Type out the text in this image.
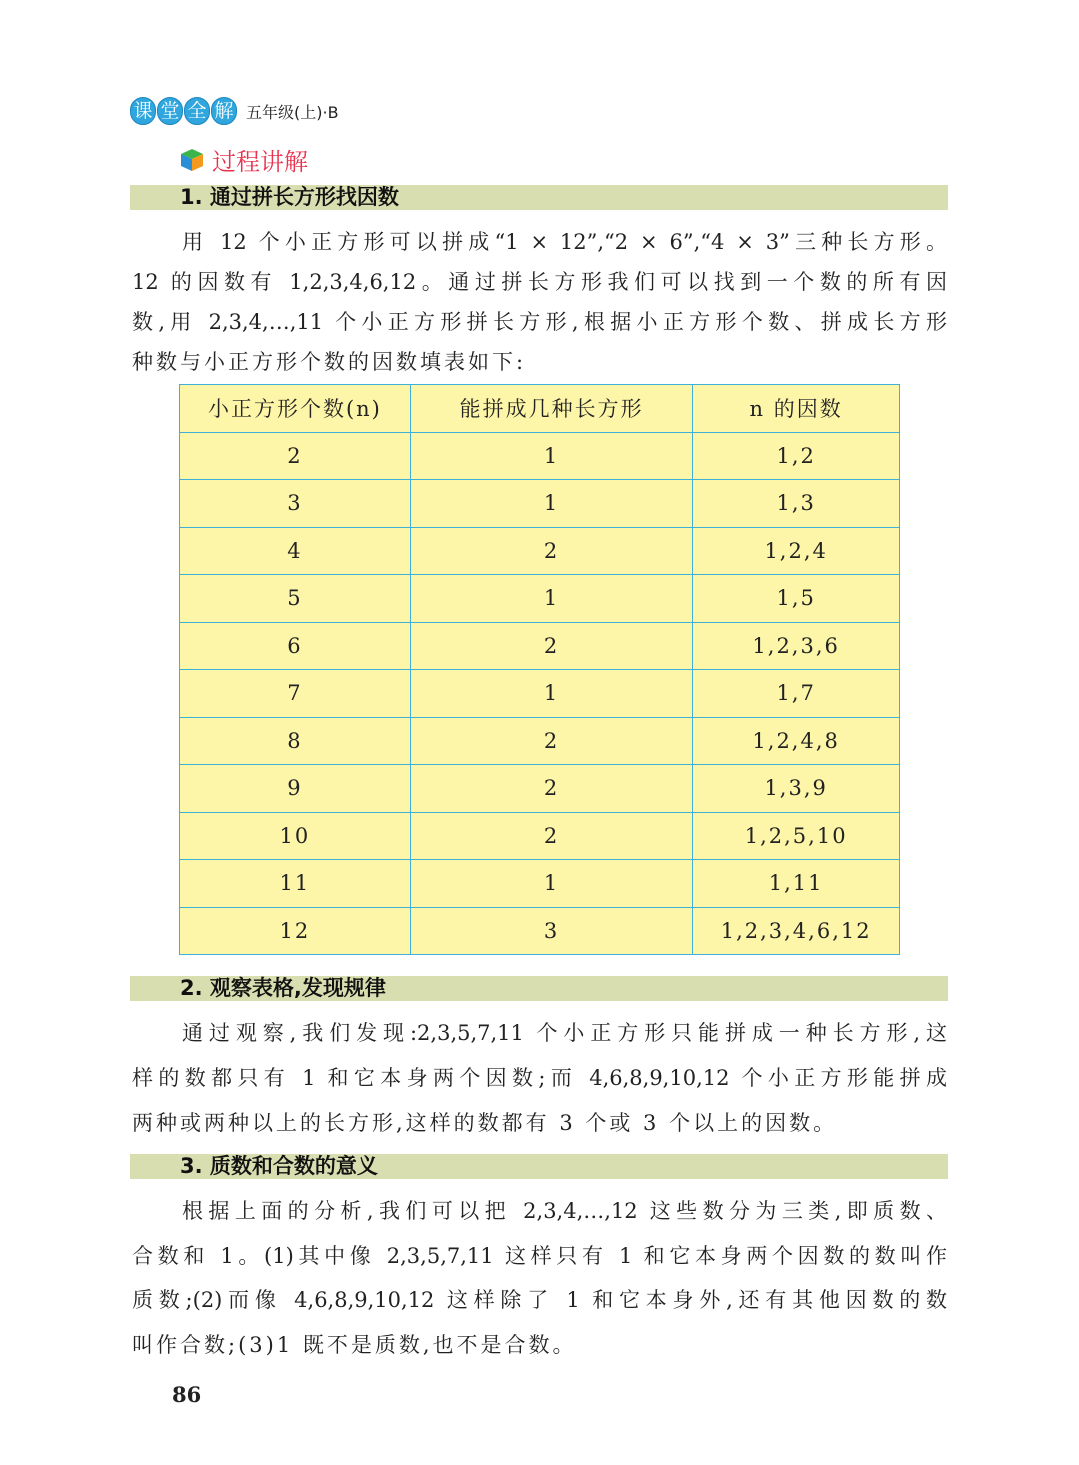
课 堂 全 解 五年级(上)·B
过程讲解
1. 通过拼长方形找因数
用 12 个小正方形可以拼成“1 × 12”,“2 × 6”,“4 × 3”三种长方形。
12 的因数有 1,2,3,4,6,12。通过拼长方形我们可以找到一个数的所有因
数,用 2,3,4,…,11 个小正方形拼长方形,根据小正方形个数、拼成长方形
种数与小正方形个数的因数填表如下:
小正方形个数(n)	能拼成几种长方形	n 的因数
2	1	1,2
3	1	1,3
4	2	1,2,4
5	1	1,5
6	2	1,2,3,6
7	1	1,7
8	2	1,2,4,8
9	2	1,3,9
10	2	1,2,5,10
11	1	1,11
12	3	1,2,3,4,6,12
2. 观察表格,发现规律
通过观察,我们发现:2,3,5,7,11 个小正方形只能拼成一种长方形,这
样的数都只有 1 和它本身两个因数;而 4,6,8,9,10,12 个小正方形能拼成
两种或两种以上的长方形,这样的数都有 3 个或 3 个以上的因数。
3. 质数和合数的意义
根据上面的分析,我们可以把 2,3,4,…,12 这些数分为三类,即质数、
合数和 1。(1)其中像 2,3,5,7,11 这样只有 1 和它本身两个因数的数叫作
质数;(2)而像 4,6,8,9,10,12 这样除了 1 和它本身外,还有其他因数的数
叫作合数;(3)1 既不是质数,也不是合数。
86
